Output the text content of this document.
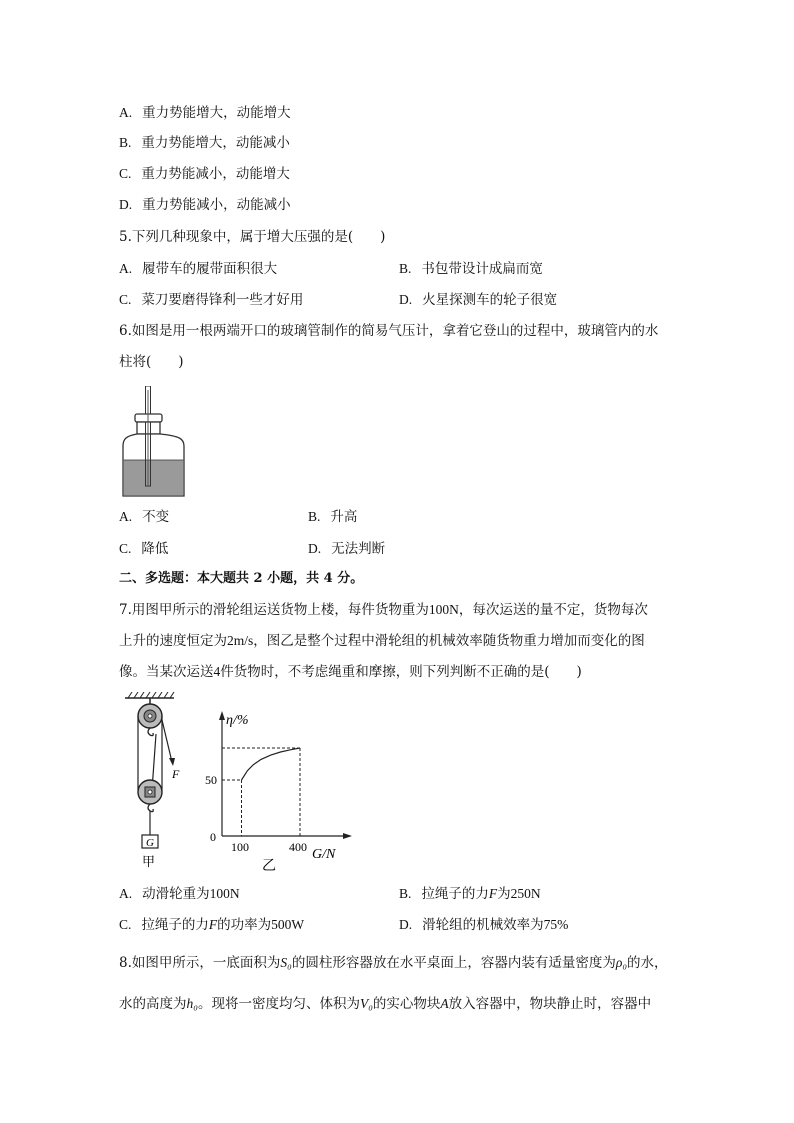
A. 重力势能增大，动能增大
B. 重力势能增大，动能减小
C. 重力势能减小，动能增大
D. 重力势能减小，动能减小
5.下列几种现象中，属于增大压强的是(　　)
A. 履带车的履带面积很大	B. 书包带设计成扁而宽
C. 菜刀要磨得锋利一些才好用	D. 火星探测车的轮子很宽
6.如图是用一根两端开口的玻璃管制作的简易气压计，拿着它登山的过程中，玻璃管内的水
柱将(　　)
A. 不变	B. 升高
C. 降低	D. 无法判断
二、多选题：本大题共 2 小题，共 4 分。
7.用图甲所示的滑轮组运送货物上楼，每件货物重为100N，每次运送的量不定，货物每次
上升的速度恒定为2m/s，图乙是整个过程中滑轮组的机械效率随货物重力增加而变化的图
像。当某次运送4件货物时，不考虑绳重和摩擦，则下列判断不正确的是(　　)
F
G
甲
η/%
G/N
0
50
100	400
乙
A. 动滑轮重为100N	B. 拉绳子的力F为250N
C. 拉绳子的力F的功率为500W	D. 滑轮组的机械效率为75%
8.如图甲所示，一底面积为S₀的圆柱形容器放在水平桌面上，容器内装有适量密度为ρ₀的水，
水的高度为h₀。现将一密度均匀、体积为V₀的实心物块A放入容器中，物块静止时，容器中
